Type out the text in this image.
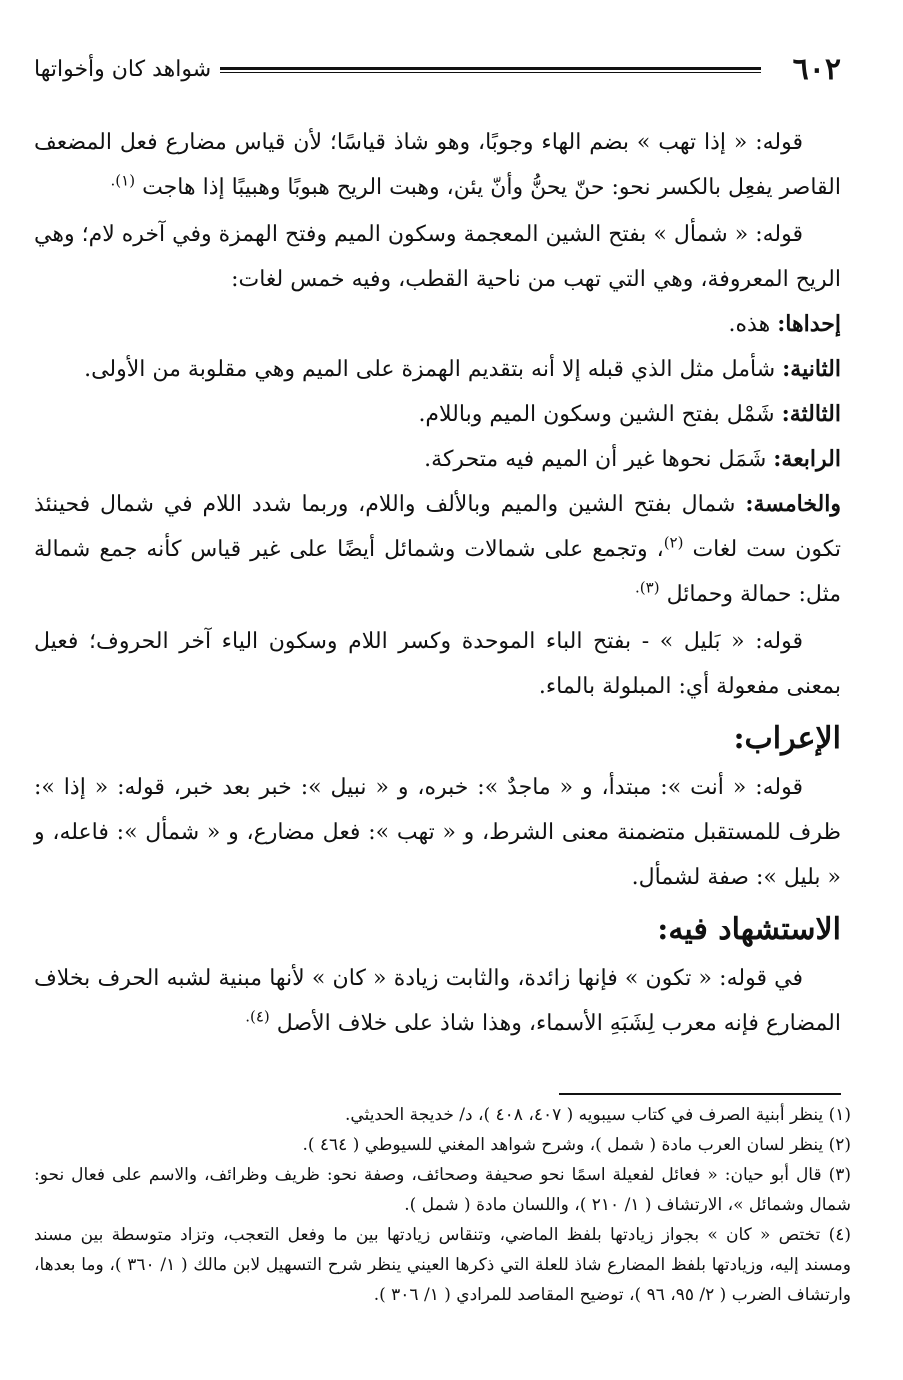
٦٠٢
شواهد كان وأخواتها

قوله: « إذا تهب » بضم الهاء وجوبًا، وهو شاذ قياسًا؛ لأن قياس مضارع فعل المضعف القاصر يفعِل بالكسر نحو: حنّ يحنُّ وأنّ يئن، وهبت الريح هبوبًا وهبيبًا إذا هاجت $^{(١).}$

قوله: « شمأل » بفتح الشين المعجمة وسكون الميم وفتح الهمزة وفي آخره لام؛ وهي الريح المعروفة، وهي التي تهب من ناحية القطب، وفيه خمس لغات:

إحداها: هذه.

الثانية: شأمل مثل الذي قبله إلا أنه بتقديم الهمزة على الميم وهي مقلوبة من الأولى.

الثالثة: شَمْل بفتح الشين وسكون الميم وباللام.

الرابعة: شَمَل نحوها غير أن الميم فيه متحركة.

والخامسة: شمال بفتح الشين والميم وبالألف واللام، وربما شدد اللام في شمال فحينئذ تكون ست لغات $^{(٢)}$، وتجمع على شمالات وشمائل أيضًا على غير قياس كأنه جمع شمالة مثل: حمالة وحمائل $^{(٣).}$

قوله: « بَليل » - بفتح الباء الموحدة وكسر اللام وسكون الياء آخر الحروف؛ فعيل بمعنى مفعولة أي: المبلولة بالماء.

الإعراب:

قوله: « أنت »: مبتدأ، و « ماجدٌ »: خبره، و « نبيل »: خبر بعد خبر، قوله: « إذا »: ظرف للمستقبل متضمنة معنى الشرط، و « تهب »: فعل مضارع، و « شمأل »: فاعله، و « بليل »: صفة لشمأل.

الاستشهاد فيه:

في قوله: « تكون » فإنها زائدة، والثابت زيادة « كان » لأنها مبنية لشبه الحرف بخلاف المضارع فإنه معرب لِشَبَهِ الأسماء، وهذا شاذ على خلاف الأصل $^{(٤).}$

(١) ينظر أبنية الصرف في كتاب سيبويه ( ٤٠٧، ٤٠٨ )، د/ خديجة الحديثي.

(٢) ينظر لسان العرب مادة ( شمل )، وشرح شواهد المغني للسيوطي ( ٤٦٤ ).

(٣) قال أبو حيان: « فعائل لفعيلة اسمًا نحو صحيفة وصحائف، وصفة نحو: ظريف وظرائف، والاسم على فعال نحو: شمال وشمائل »، الارتشاف ( ١/ ٢١٠ )، واللسان مادة ( شمل ).

(٤) تختص « كان » بجواز زيادتها بلفظ الماضي، وتنقاس زيادتها بين ما وفعل التعجب، وتزاد متوسطة بين مسند ومسند إليه، وزيادتها بلفظ المضارع شاذ للعلة التي ذكرها العيني ينظر شرح التسهيل لابن مالك ( ١/ ٣٦٠ )، وما بعدها، وارتشاف الضرب ( ٢/ ٩٥، ٩٦ )، توضيح المقاصد للمرادي ( ١/ ٣٠٦ ).
